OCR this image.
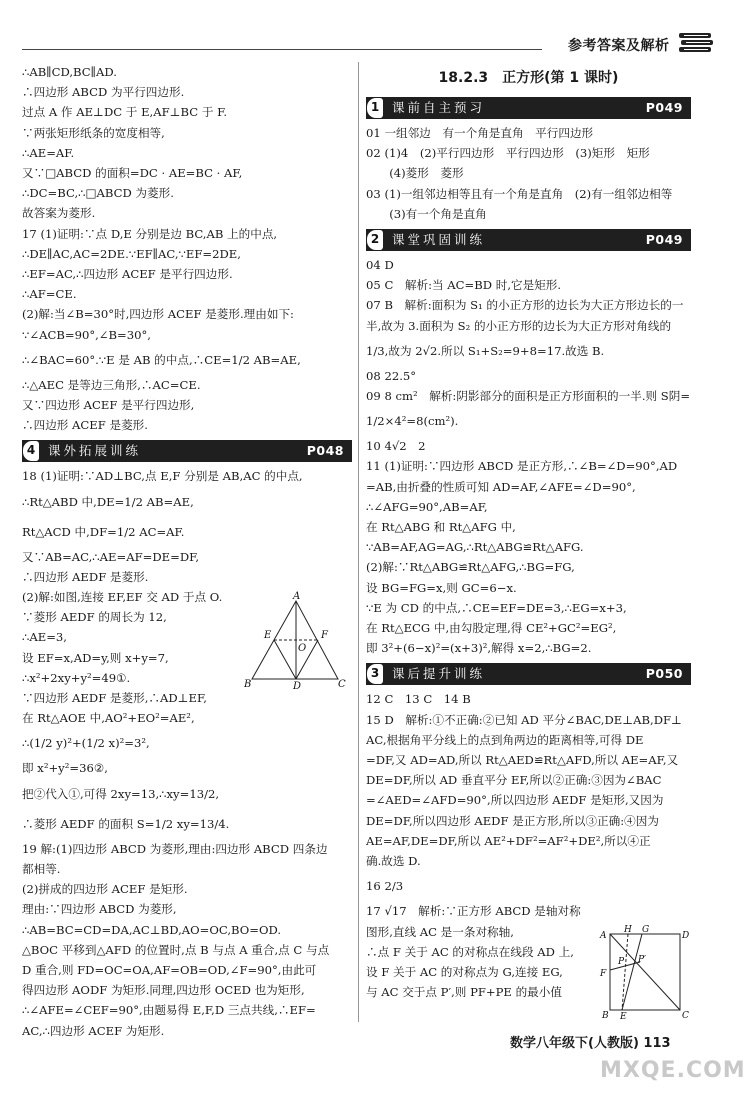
参考答案及解析
∴AB∥CD,BC∥AD.
∴四边形 ABCD 为平行四边形.
过点 A 作 AE⊥DC 于 E,AF⊥BC 于 F.
∵两张矩形纸条的宽度相等,
∴AE=AF.
又∵□ABCD 的面积=DC · AE=BC · AF,
∴DC=BC,∴□ABCD 为菱形.
故答案为菱形.
17 (1)证明:∵点 D,E 分别是边 BC,AB 上的中点,
∴DE∥AC,AC=2DE.∵EF∥AC,∵EF=2DE,
∴EF=AC,∴四边形 ACEF 是平行四边形.
∴AF=CE.
(2)解:当∠B=30°时,四边形 ACEF 是菱形.理由如下:
∵∠ACB=90°,∠B=30°,
∴∠BAC=60°.∵E 是 AB 的中点,∴CE=1/2 AB=AE,
∴△AEC 是等边三角形,∴AC=CE.
又∵四边形 ACEF 是平行四边形,
∴四边形 ACEF 是菱形.
4	课外拓展训练	P048
18 (1)证明:∵AD⊥BC,点 E,F 分别是 AB,AC 的中点,
∴Rt△ABD 中,DE=1/2 AB=AE,
Rt△ACD 中,DF=1/2 AC=AF.
又∵AB=AC,∴AE=AF=DE=DF,
∴四边形 AEDF 是菱形.
(2)解:如图,连接 EF,EF 交 AD 于点 O.
∵菱形 AEDF 的周长为 12,
∴AE=3,
设 EF=x,AD=y,则 x+y=7,
∴x²+2xy+y²=49①.
∵四边形 AEDF 是菱形,∴AD⊥EF,
在 Rt△AOE 中,AO²+EO²=AE²,
∴(1/2 y)²+(1/2 x)²=3²,
即 x²+y²=36②,
把②代入①,可得 2xy=13,∴xy=13/2,
∴菱形 AEDF 的面积 S=1/2 xy=13/4.
19 解:(1)四边形 ABCD 为菱形,理由:四边形 ABCD 四条边
都相等.
(2)拼成的四边形 ACEF 是矩形.
理由:∵四边形 ABCD 为菱形,
∴AB=BC=CD=DA,AC⊥BD,AO=OC,BO=OD.
△BOC 平移到△AFD 的位置时,点 B 与点 A 重合,点 C 与点
D 重合,则 FD=OC=OA,AF=OB=OD,∠F=90°,由此可
得四边形 AODF 为矩形.同理,四边形 OCED 也为矩形,
∴∠AFE=∠CEF=90°,由题易得 E,F,D 三点共线,∴EF=
AC,∴四边形 ACEF 为矩形.
18.2.3　正方形(第 1 课时)
1	课前自主预习	P049
01 一组邻边　有一个角是直角　平行四边形
02 (1)4　(2)平行四边形　平行四边形　(3)矩形　矩形
　　(4)菱形　菱形
03 (1)一组邻边相等且有一个角是直角　(2)有一组邻边相等
　　(3)有一个角是直角
2	课堂巩固训练	P049
04 D
05 C　解析:当 AC=BD 时,它是矩形.
07 B　解析:面积为 S₁ 的小正方形的边长为大正方形边长的一
半,故为 3.面积为 S₂ 的小正方形的边长为大正方形对角线的
1/3,故为 2√2.所以 S₁+S₂=9+8=17.故选 B.
08 22.5°
09 8 cm²　解析:阴影部分的面积是正方形面积的一半.则 S阴=
1/2×4²=8(cm²).
10 4√2　2
11 (1)证明:∵四边形 ABCD 是正方形,∴∠B=∠D=90°,AD
=AB,由折叠的性质可知 AD=AF,∠AFE=∠D=90°,
∴∠AFG=90°,AB=AF,
在 Rt△ABG 和 Rt△AFG 中,
∵AB=AF,AG=AG,∴Rt△ABG≌Rt△AFG.
(2)解:∵Rt△ABG≌Rt△AFG,∴BG=FG,
设 BG=FG=x,则 GC=6−x.
∵E 为 CD 的中点,∴CE=EF=DE=3,∴EG=x+3,
在 Rt△ECG 中,由勾股定理,得 CE²+GC²=EG²,
即 3²+(6−x)²=(x+3)²,解得 x=2,∴BG=2.
3	课后提升训练	P050
12 C　13 C　14 B
15 D　解析:①不正确:②已知 AD 平分∠BAC,DE⊥AB,DF⊥
AC,根据角平分线上的点到角两边的距离相等,可得 DE
=DF,又 AD=AD,所以 Rt△AED≌Rt△AFD,所以 AE=AF,又
DE=DF,所以 AD 垂直平分 EF,所以②正确:③因为∠BAC
=∠AED=∠AFD=90°,所以四边形 AEDF 是矩形,又因为
DE=DF,所以四边形 AEDF 是正方形,所以③正确:④因为
AE=AF,DE=DF,所以 AE²+DF²=AF²+DE²,所以④正
确.故选 D.
16 2/3
17 √17　解析:∵正方形 ABCD 是轴对称
图形,直线 AC 是一条对称轴,
∴点 F 关于 AC 的对称点在线段 AD 上,
设 F 关于 AC 的对称点为 G,连接 EG,
与 AC 交于点 P′,则 PF+PE 的最小值
A
E	F
O
B	D	C
A
H G
D
P P′
F
B E	C
数学八年级下(人教版) 113
MXQE.COM
